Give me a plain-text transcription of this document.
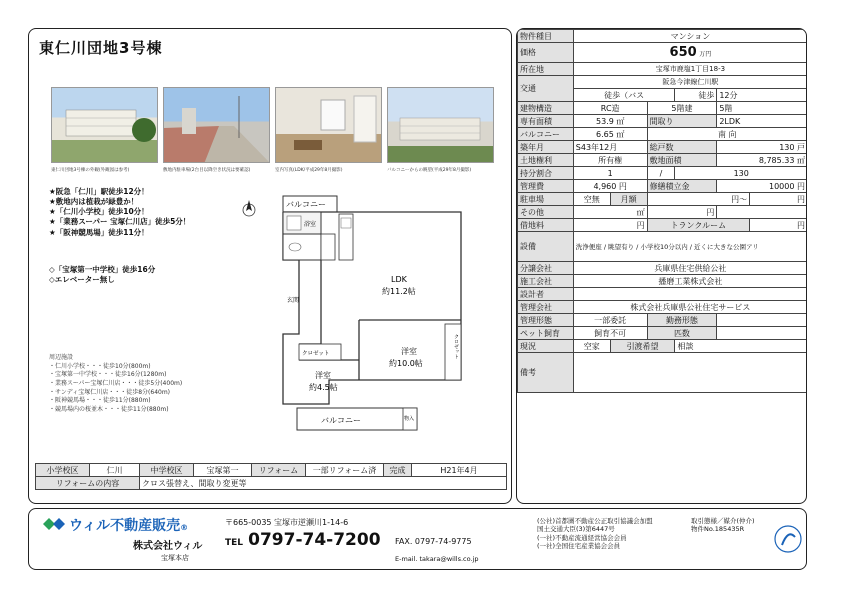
東仁川団地3号棟
東仁川団地3号棟の外観(外観図は参考)	敷地内駐車場(2台目以降空き状況は要確認)	室内写真(LDK/平成29年8月撮影)	バルコニーからの眺望(平成29年8月撮影)
★阪急「仁川」駅徒歩12分！
★敷地内は植栽が緑豊か！
★「仁川小学校」徒歩10分！
★「業務スーパー 宝塚仁川店」徒歩5分！
★「阪神競馬場」徒歩11分！
◇「宝塚第一中学校」徒歩16分
◇エレベーター無し
周辺施設
・仁川小学校・・・徒歩10分(800m)
・宝塚第一中学校・・・徒歩16分(1280m)
・業務スーパー宝塚仁川店・・・徒歩5分(400m)
・サンディ宝塚仁川店・・・徒歩8分(640m)
・阪神競馬場・・・徒歩11分(880m)
・競馬場内の桜並木・・・徒歩11分(880m)
バルコニー
浴室
LDK
約11.2帖
玄関
クロゼット
洋室
約4.5帖
洋室
約10.0帖
クロゼット
バルコニー	物入
小学校区	仁川	中学校区	宝塚第一	リフォーム	一部リフォーム済	完成	H21年4月
リフォームの内容		クロス張替え、間取り変更等					
物件種目	マンション					
価格	650 万円					
所在地	宝塚市鹿塩1丁目18-3					
交通	阪急今津線仁川駅					
	徒歩（バス			徒歩	12分	
建物構造	RC造		5階建		5階	
専有面積	53.9 ㎡		間取り		2LDK	
バルコニー	6.65 ㎡		南 向			
築年月	S43年12月		総戸数		130 戸	
土地権利	所有権		敷地面積		8,785.33 ㎡	
持分割合	1		/	130		
管理費	4,960 円		修繕積立金		10000 円	
駐車場	空無	月額	円～			円
その他	㎡		円			
借地料	円		トランクルーム			円
設備	洗浄便座 / 眺望有り / 小学校10分以内 / 近くに大きな公園アリ					
分譲会社	兵庫県住宅供給公社					
施工会社	播磨工業株式会社					
設計者						
管理会社	株式会社兵庫県公社住宅サービス					
管理形態	一部委託		勤務形態			
ペット飼育	飼育不可		匹数			
現況	空家	引渡希望		相談		
備考						
ウィル不動産販売®
株式会社ウィル
宝塚本店
〒665-0035 宝塚市逆瀬川1-14-6
TEL 0797-74-7200 FAX. 0797-74-9775
E-mail. takara@wills.co.jp
(公社)首都圏不動産公正取引協議会加盟
国土交通大臣(3)第6447号
(一社)不動産流通経営協会会員
(一社)全国住宅産業協会会員
取引態様／媒介(仲介)
物件No.185435R
